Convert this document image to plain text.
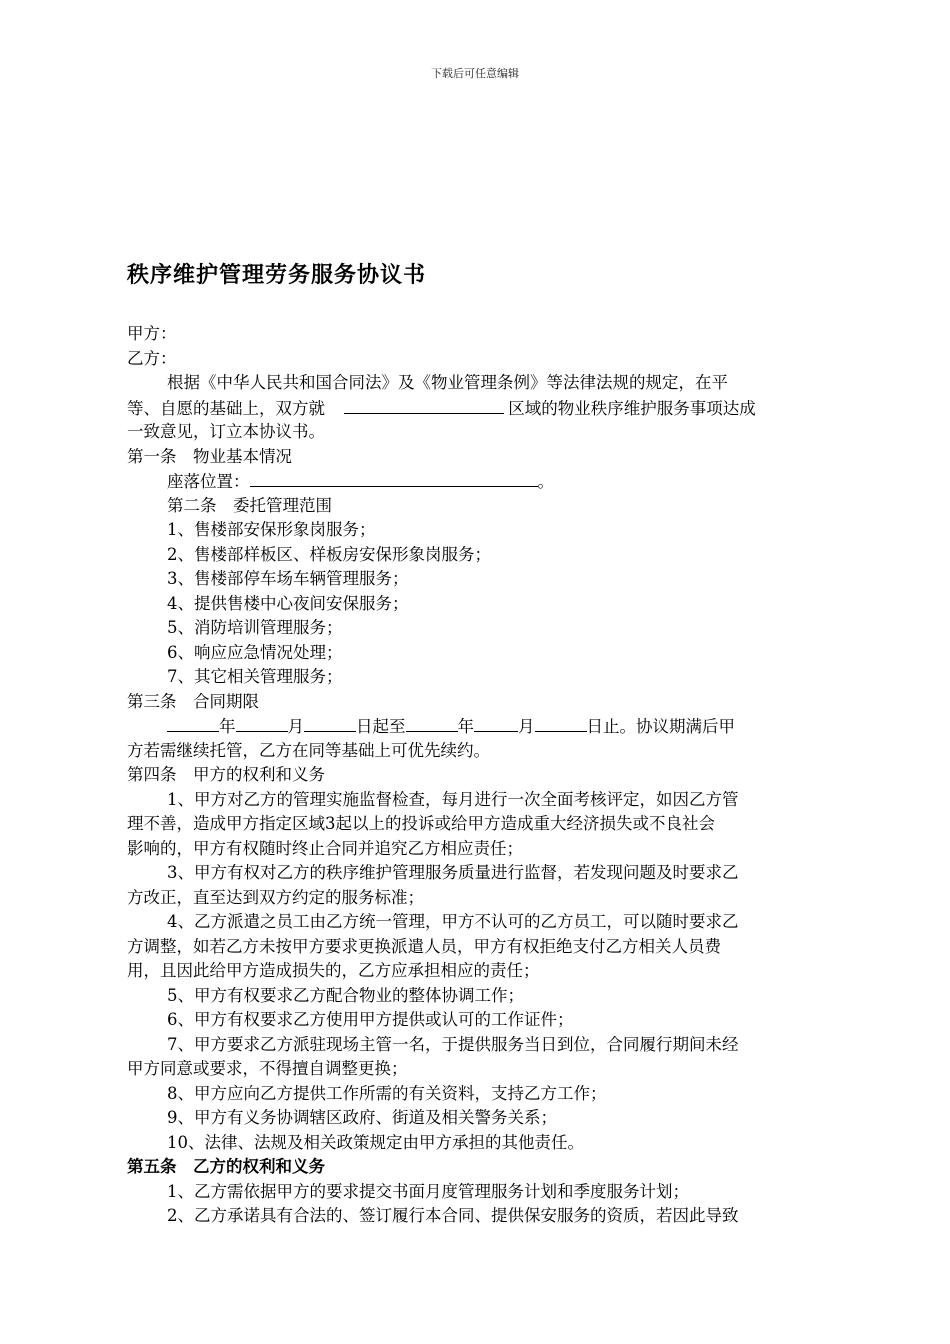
下载后可任意编辑
秩序维护管理劳务服务协议书
甲方：
乙方：
根据《中华人民共和国合同法》及《物业管理条例》等法律法规的规定，在平
等、自愿的基础上，双方就	区域的物业秩序维护服务事项达成
一致意见，订立本协议书。
第一条　物业基本情况
座落位置：	。
第二条　委托管理范围
1、售楼部安保形象岗服务；
2、售楼部样板区、样板房安保形象岗服务；
3、售楼部停车场车辆管理服务；
4、提供售楼中心夜间安保服务；
5、消防培训管理服务；
6、响应应急情况处理；
7、其它相关管理服务；
第三条　合同期限
年	月	日起至	年	月	日止。协议期满后甲
方若需继续托管，乙方在同等基础上可优先续约。
第四条　甲方的权利和义务
1、甲方对乙方的管理实施监督检查，每月进行一次全面考核评定，如因乙方管
理不善，造成甲方指定区域3起以上的投诉或给甲方造成重大经济损失或不良社会
影响的，甲方有权随时终止合同并追究乙方相应责任；
3、甲方有权对乙方的秩序维护管理服务质量进行监督，若发现问题及时要求乙
方改正，直至达到双方约定的服务标准；
4、乙方派遣之员工由乙方统一管理，甲方不认可的乙方员工，可以随时要求乙
方调整，如若乙方未按甲方要求更换派遣人员，甲方有权拒绝支付乙方相关人员费
用，且因此给甲方造成损失的，乙方应承担相应的责任；
5、甲方有权要求乙方配合物业的整体协调工作；
6、甲方有权要求乙方使用甲方提供或认可的工作证件；
7、甲方要求乙方派驻现场主管一名，于提供服务当日到位，合同履行期间未经
甲方同意或要求，不得擅自调整更换；
8、甲方应向乙方提供工作所需的有关资料，支持乙方工作；
9、甲方有义务协调辖区政府、街道及相关警务关系；
10、法律、法规及相关政策规定由甲方承担的其他责任。
第五条　乙方的权利和义务
1、乙方需依据甲方的要求提交书面月度管理服务计划和季度服务计划；
2、乙方承诺具有合法的、签订履行本合同、提供保安服务的资质，若因此导致
